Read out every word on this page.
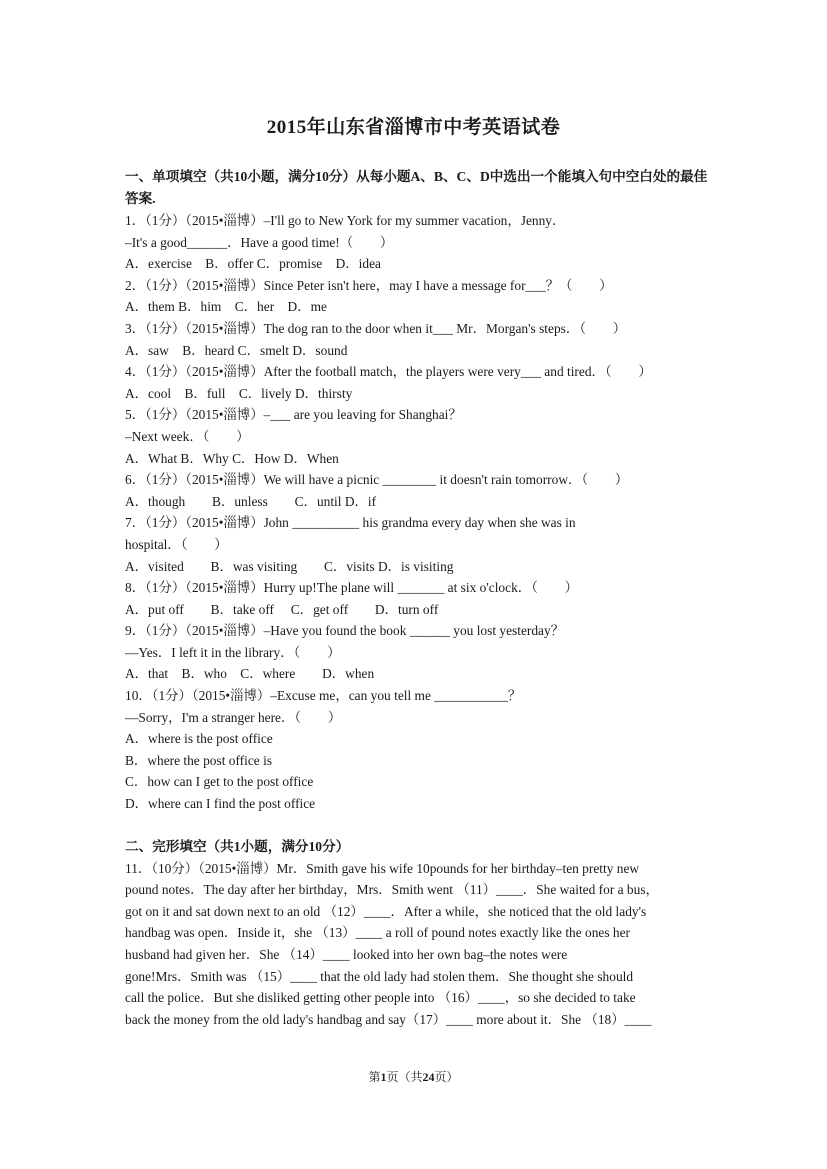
2015年山东省淄博市中考英语试卷
一、单项填空（共10小题，满分10分）从每小题A、B、C、D中选出一个能填入句中空白处的最佳答案.
1．（1分）（2015•淄博）–I'll go to New York for my summer vacation，Jenny．
–It's a good______．Have a good time!（　　）
A．exercise　B．offer C．promise　D．idea
2．（1分）（2015•淄博）Since Peter isn't here，may I have a message for___？（　　）
A．them B．him　C．her　D．me
3．（1分）（2015•淄博）The dog ran to the door when it___ Mr．Morgan's steps．（　　）
A．saw　B．heard C．smelt D．sound
4．（1分）（2015•淄博）After the football match，the players were very___ and tired．（　　）
A．cool　B．full　C．lively D．thirsty
5．（1分）（2015•淄博）–___ are you leaving for Shanghai？
–Next week．（　　）
A．What B．Why C．How D．When
6．（1分）（2015•淄博）We will have a picnic ________ it doesn't rain tomorrow．（　　）
A．though　　B．unless　　C．until D．if
7．（1分）（2015•淄博）John __________ his grandma every day when she was in
hospital．（　　）
A．visited　　B．was visiting　　C．visits D．is visiting
8．（1分）（2015•淄博）Hurry up!The plane will _______ at six o'clock．（　　）
A．put off　　B．take off　 C．get off　　D．turn off
9．（1分）（2015•淄博）–Have you found the book ______ you lost yesterday？
––Yes．I left it in the library．（　　）
A．that　B．who　C．where　　D．when
10．（1分）（2015•淄博）–Excuse me，can you tell me ___________？
––Sorry，I'm a stranger here．（　　）
A．where is the post office
B．where the post office is
C．how can I get to the post office
D．where can I find the post office
二、完形填空（共1小题，满分10分）
11．（10分）（2015•淄博）Mr．Smith gave his wife 10pounds for her birthday–ten pretty new
pound notes．The day after her birthday，Mrs．Smith went （11）____．She waited for a bus，
got on it and sat down next to an old （12）____．After a while，she noticed that the old lady's
handbag was open．Inside it，she （13）____ a roll of pound notes exactly like the ones her
husband had given her．She （14）____ looked into her own bag–the notes were
gone!Mrs．Smith was （15）____ that the old lady had stolen them．She thought she should
call the police．But she disliked getting other people into （16）____，so she decided to take
back the money from the old lady's handbag and say（17）____ more about it．She （18）____
第1页（共24页）
